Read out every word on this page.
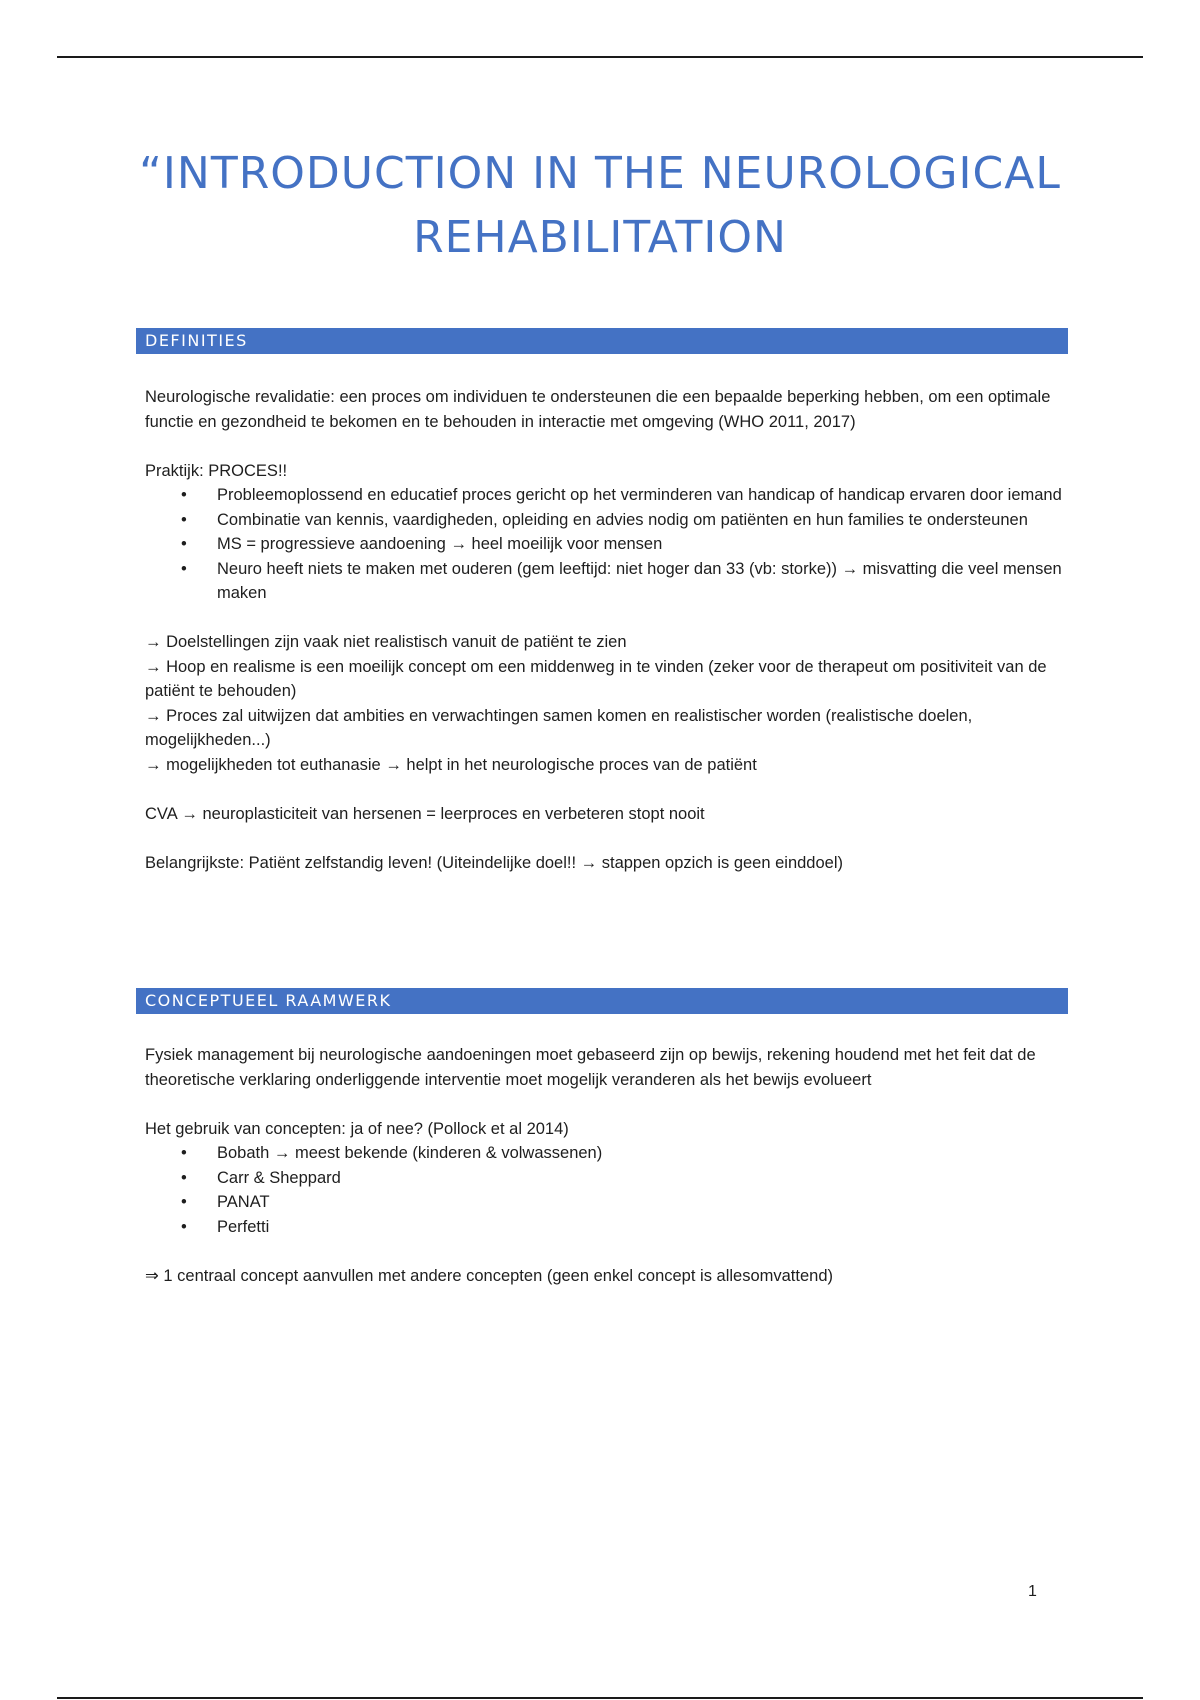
“INTRODUCTION IN THE NEUROLOGICAL
REHABILITATION
DEFINITIES

Neurologische revalidatie: een proces om individuen te ondersteunen die een bepaalde beperking hebben, om een optimale functie en gezondheid te bekomen en te behouden in interactie met omgeving (WHO 2011, 2017)

Praktijk: PROCES!!

• Probleemoplossend en educatief proces gericht op het verminderen van handicap of handicap ervaren door iemand
• Combinatie van kennis, vaardigheden, opleiding en advies nodig om patiënten en hun families te ondersteunen
• MS = progressieve aandoening → heel moeilijk voor mensen
• Neuro heeft niets te maken met ouderen (gem leeftijd: niet hoger dan 33 (vb: storke)) → misvatting die veel mensen maken

→ Doelstellingen zijn vaak niet realistisch vanuit de patiënt te zien

→ Hoop en realisme is een moeilijk concept om een middenweg in te vinden (zeker voor de therapeut om positiviteit van de patiënt te behouden)

→ Proces zal uitwijzen dat ambities en verwachtingen samen komen en realistischer worden (realistische doelen, mogelijkheden...)

→ mogelijkheden tot euthanasie → helpt in het neurologische proces van de patiënt

CVA → neuroplasticiteit van hersenen = leerproces en verbeteren stopt nooit

Belangrijkste: Patiënt zelfstandig leven! (Uiteindelijke doel!! → stappen opzich is geen einddoel)

CONCEPTUEEL RAAMWERK

Fysiek management bij neurologische aandoeningen moet gebaseerd zijn op bewijs, rekening houdend met het feit dat de theoretische verklaring onderliggende interventie moet mogelijk veranderen als het bewijs evolueert

Het gebruik van concepten: ja of nee? (Pollock et al 2014)

• Bobath → meest bekende (kinderen & volwassenen)
• Carr & Sheppard
• PANAT
• Perfetti

⇒ 1 centraal concept aanvullen met andere concepten (geen enkel concept is allesomvattend)

1
